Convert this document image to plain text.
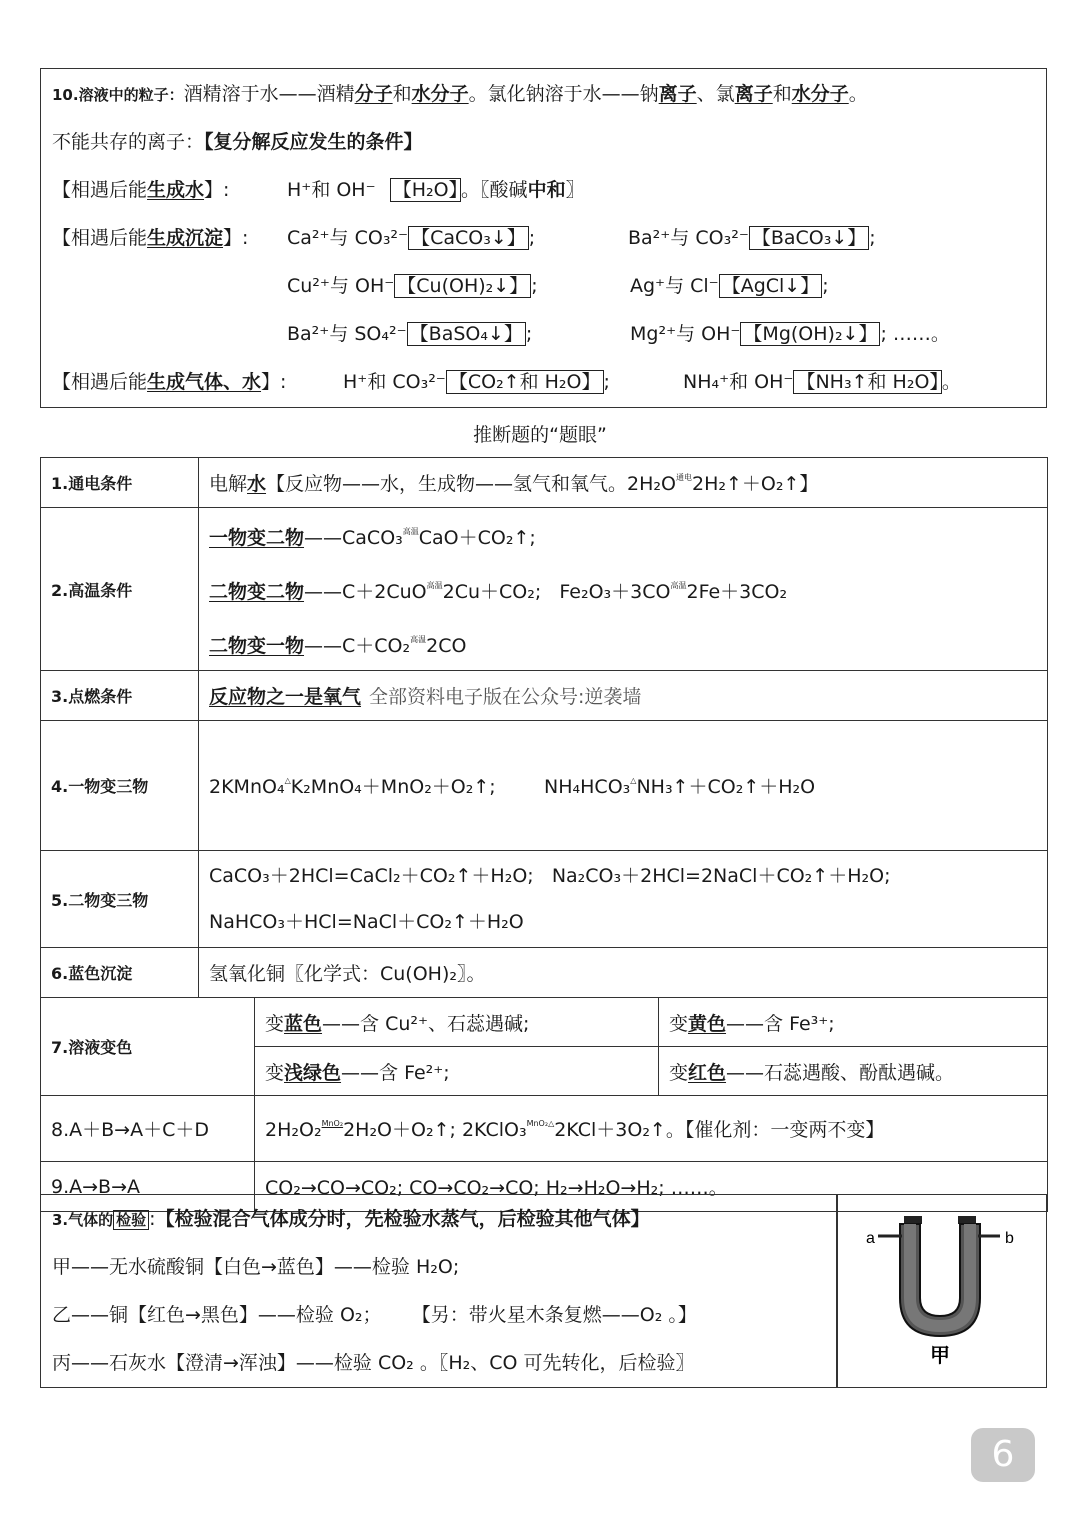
10.溶液中的粒子：酒精溶于水——酒精分子和水分子。氯化钠溶于水——钠离子、氯离子和水分子。
不能共存的离子：【复分解反应发生的条件】
【相遇后能生成水】:	H⁺和 OH⁻ 【H₂O】 。〖酸碱中和〗
【相遇后能生成沉淀】: Ca²⁺与 CO₃²⁻ 【CaCO₃↓】 ;	Ba²⁺与 CO₃²⁻ 【BaCO₃↓】 ;
Cu²⁺与 OH⁻ 【Cu(OH)₂↓】 ;	Ag⁺与 Cl⁻ 【AgCl↓】 ;
Ba²⁺与 SO₄²⁻ 【BaSO₄↓】 ;	Mg²⁺与 OH⁻ 【Mg(OH)₂↓】 ; ……。
【相遇后能生成气体、水】:	H⁺和 CO₃²⁻ 【CO₂↑和 H₂O】 ;	NH₄⁺和 OH⁻ 【NH₃↑和 H₂O】 。
推断题的“题眼”
1.通电条件	电解水【反应物——水，生成物——氢气和氧气。$2H_2O^{通电}2H_2↑+O_2↑$】		
2.高温条件	一物变二物——CaCO₃$^{高温}$CaO＋CO₂↑;
二物变二物——C＋2CuO$^{高温}$2Cu＋CO₂; $Fe_2O_3+3CO^{高温}2Fe+3CO_2$
二物变一物——C＋CO₂$^{高温}$2CO		

3.点燃条件	反应物之一是氧气 全部资料电子版在公众号:逆袭墙		
4.一物变三物	2KMnO₄△K₂MnO₄＋MnO₂＋O₂↑; NH₄HCO₃△NH₃↑＋CO₂↑＋H₂O		
5.二物变三物	CaCO₃＋2HCl=CaCl₂＋CO₂↑＋H₂O; Na₂CO₃＋2HCl=2NaCl＋CO₂↑＋H₂O;
NaHCO₃＋HCl=NaCl＋CO₂↑＋H₂O		

6.蓝色沉淀	氢氧化铜〖化学式：Cu(OH)₂〗。		
7.溶液变色		变蓝色——含 Cu²⁺、石蕊遇碱;	变黄色——含 Fe³⁺;
		变浅绿色——含 Fe²⁺;	变红色——石蕊遇酸、酚酞遇碱。
8.A＋B→A＋C＋D		2H₂O₂$^{MnO_2}$2H₂O＋O₂↑; 2KClO₃$^{MnO_2\triangle}$2KCl＋3O₂↑。【催化剂：一变两不变】	
9.A→B→A		CO₂→CO→CO₂; CO→CO₂→CO; H₂→H₂O→H₂; ……。	
3.气体的 检验 :【检验混合气体成分时，先检验水蒸气，后检验其他气体】
甲——无水硫酸铜【白色→蓝色】——检验 H₂O;
乙——铜【红色→黑色】——检验 O₂； 【另：带火星木条复燃——O₂ 。】
丙——石灰水【澄清→浑浊】——检验 CO₂ 。〖H₂、CO 可先转化，后检验〗
a	b
甲
6
